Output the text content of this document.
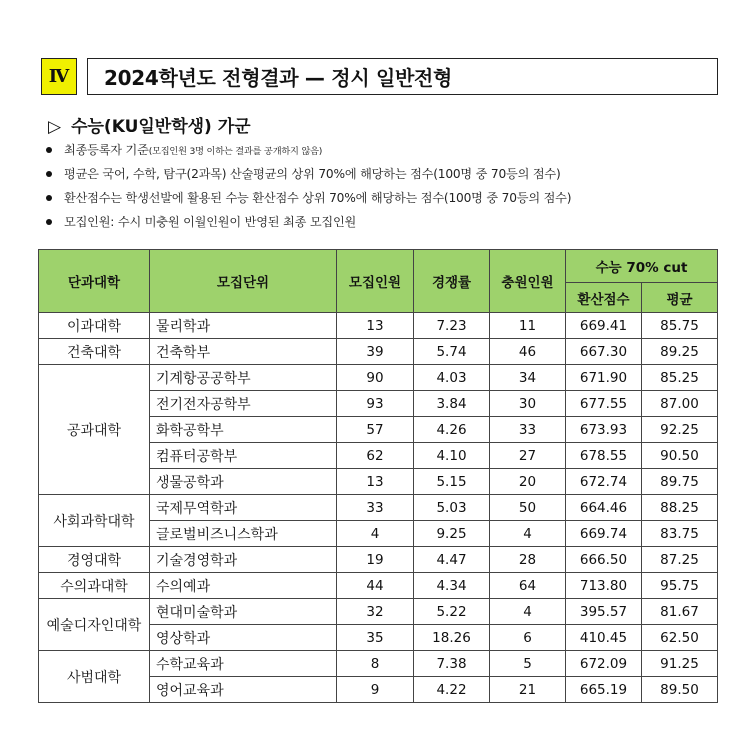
Ⅳ	2024학년도 전형결과 — 정시 일반전형
▷ 수능(KU일반학생) 가군
최종등록자 기준(모집인원 3명 이하는 결과를 공개하지 않음)
평균은 국어, 수학, 탐구(2과목) 산술평균의 상위 70%에 해당하는 점수(100명 중 70등의 점수)
환산점수는 학생선발에 활용된 수능 환산점수 상위 70%에 해당하는 점수(100명 중 70등의 점수)
모집인원: 수시 미충원 이월인원이 반영된 최종 모집인원
단과대학	모집단위	모집인원	경쟁률	충원인원	수능 70% cut	
					환산점수	평균
이과대학	물리학과	13	7.23	11	669.41	85.75
건축대학	건축학부	39	5.74	46	667.30	89.25
공과대학	기계항공공학부	90	4.03	34	671.90	85.25
	전기전자공학부	93	3.84	30	677.55	87.00
	화학공학부	57	4.26	33	673.93	92.25
	컴퓨터공학부	62	4.10	27	678.55	90.50
	생물공학과	13	5.15	20	672.74	89.75
사회과학대학	국제무역학과	33	5.03	50	664.46	88.25
	글로벌비즈니스학과	4	9.25	4	669.74	83.75
경영대학	기술경영학과	19	4.47	28	666.50	87.25
수의과대학	수의예과	44	4.34	64	713.80	95.75
예술디자인대학	현대미술학과	32	5.22	4	395.57	81.67
	영상학과	35	18.26	6	410.45	62.50
사범대학	수학교육과	8	7.38	5	672.09	91.25
	영어교육과	9	4.22	21	665.19	89.50
